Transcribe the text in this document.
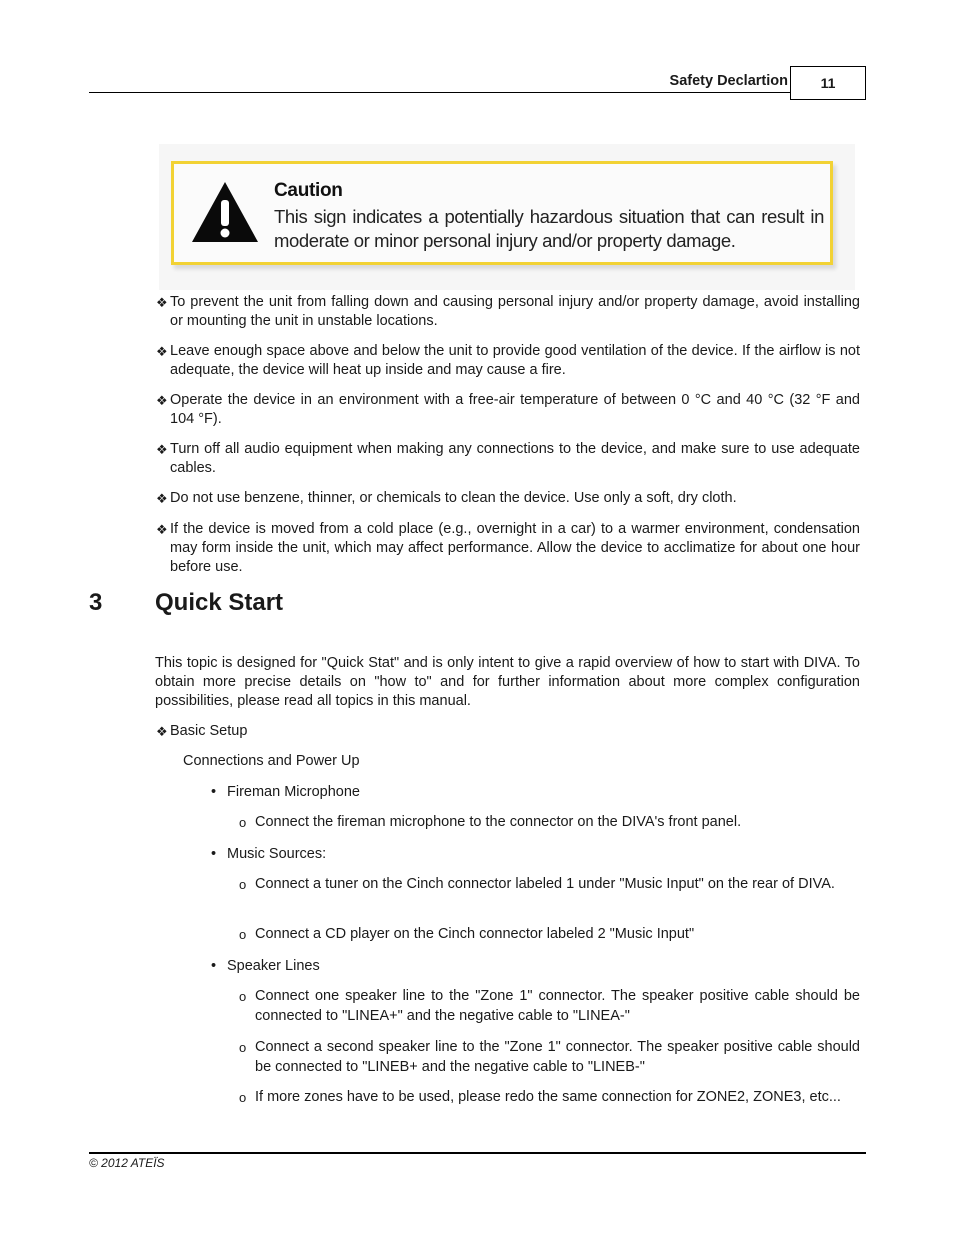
Safety Declartion	11
Caution
This sign indicates a potentially hazardous situation that can result in moderate or minor personal injury and/or property damage.
❖ To prevent the unit from falling down and causing personal injury and/or property damage, avoid installing or mounting the unit in unstable locations.
❖ Leave enough space above and below the unit to provide good ventilation of the device. If the airflow is not adequate, the device will heat up inside and may cause a fire.
❖ Operate the device in an environment with a free-air temperature of between 0 °C and 40 °C (32 °F and 104 °F).
❖ Turn off all audio equipment when making any connections to the device, and make sure to use adequate cables.
❖ Do not use benzene, thinner, or chemicals to clean the device. Use only a soft, dry cloth.
❖ If the device is moved from a cold place (e.g., overnight in a car) to a warmer environment, condensation may form inside the unit, which may affect performance. Allow the device to acclimatize for about one hour before use.
3 Quick Start
This topic is designed for "Quick Stat" and is only intent to give a rapid overview of how to start with DIVA. To obtain more precise details on "how to" and for further information about more complex configuration possibilities, please read all topics in this manual.
❖ Basic Setup
Connections and Power Up
• Fireman Microphone
o Connect the fireman microphone to the connector on the DIVA's front panel.
• Music Sources:
o Connect a tuner on the Cinch connector labeled 1 under "Music Input" on the rear of DIVA.
o Connect a CD player on the Cinch connector labeled 2 "Music Input"
• Speaker Lines
o Connect one speaker line to the "Zone 1" connector. The speaker positive cable should be connected to "LINEA+" and the negative cable to "LINEA-"
o Connect a second speaker line to the "Zone 1" connector. The speaker positive cable should be connected to "LINEB+ and the negative cable to "LINEB-"
o If more zones have to be used, please redo the same connection for ZONE2, ZONE3, etc...
© 2012 ATEÏS
